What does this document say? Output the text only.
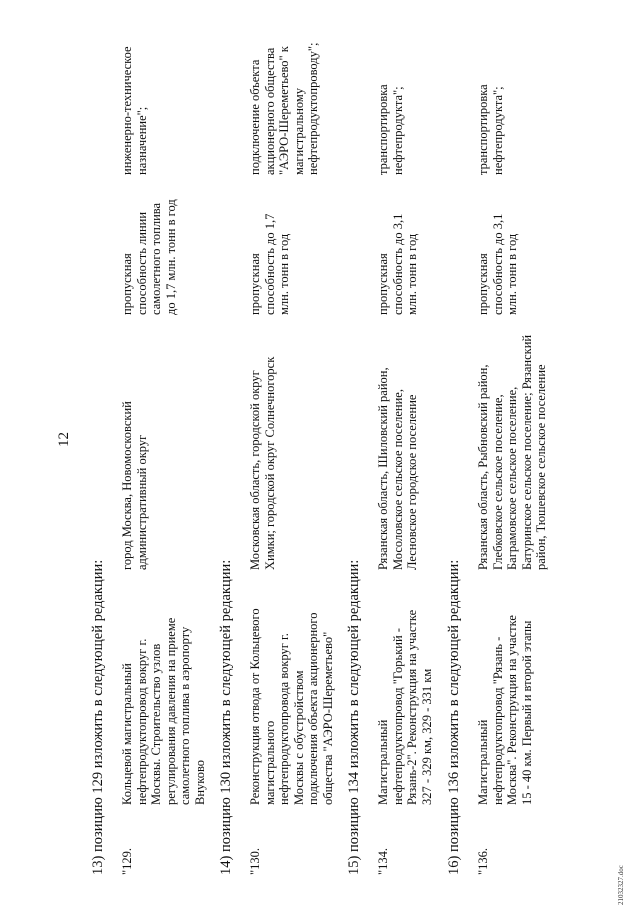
12
13) позицию 129 изложить в следующей редакции: "129.
Кольцевой магистральный нефтепродуктопровод вокруг г. Москвы. Строительство узлов регулирования давления на приеме самолетного топлива в аэропорту Внуково
город Москва, Новомосковский административный округ
пропускная способность линии самолетного топлива до 1,7 млн. тонн в год
инженерно-техническое назначение";
14) позицию 130 изложить в следующей редакции: "130.
Реконструкция отвода от Кольцевого магистрального нефтепродуктопровода вокруг г. Москвы с обустройством подключения объекта акционерного общества "АЭРО-Шереметьево"
Московская область, городской округ Химки; городской округ Солнечногорск
пропускная способность до 1,7 млн. тонн в год
подключение объекта акционерного общества "АЭРО-Шереметьево" к магистральному нефтепродуктопроводу";
15) позицию 134 изложить в следующей редакции: "134.
Магистральный нефтепродуктопровод "Горький - Рязань-2". Реконструкция на участке 327 - 329 км, 329 - 331 км
Рязанская область, Шиловский район, Мосоловское сельское поселение, Лесновское городское поселение
пропускная способность до 3,1 млн. тонн в год
транспортировка нефтепродукта";
16) позицию 136 изложить в следующей редакции: "136.
Магистральный нефтепродуктопровод "Рязань - Москва". Реконструкция на участке 15 - 40 км. Первый и второй этапы
Рязанская область, Рыбновский район, Глебковское сельское поселение, Баграмовское сельское поселение, Батуринское сельское поселение; Рязанский район, Тюшевское сельское поселение
пропускная способность до 3,1 млн. тонн в год
транспортировка нефтепродукта";
21032327.doc
